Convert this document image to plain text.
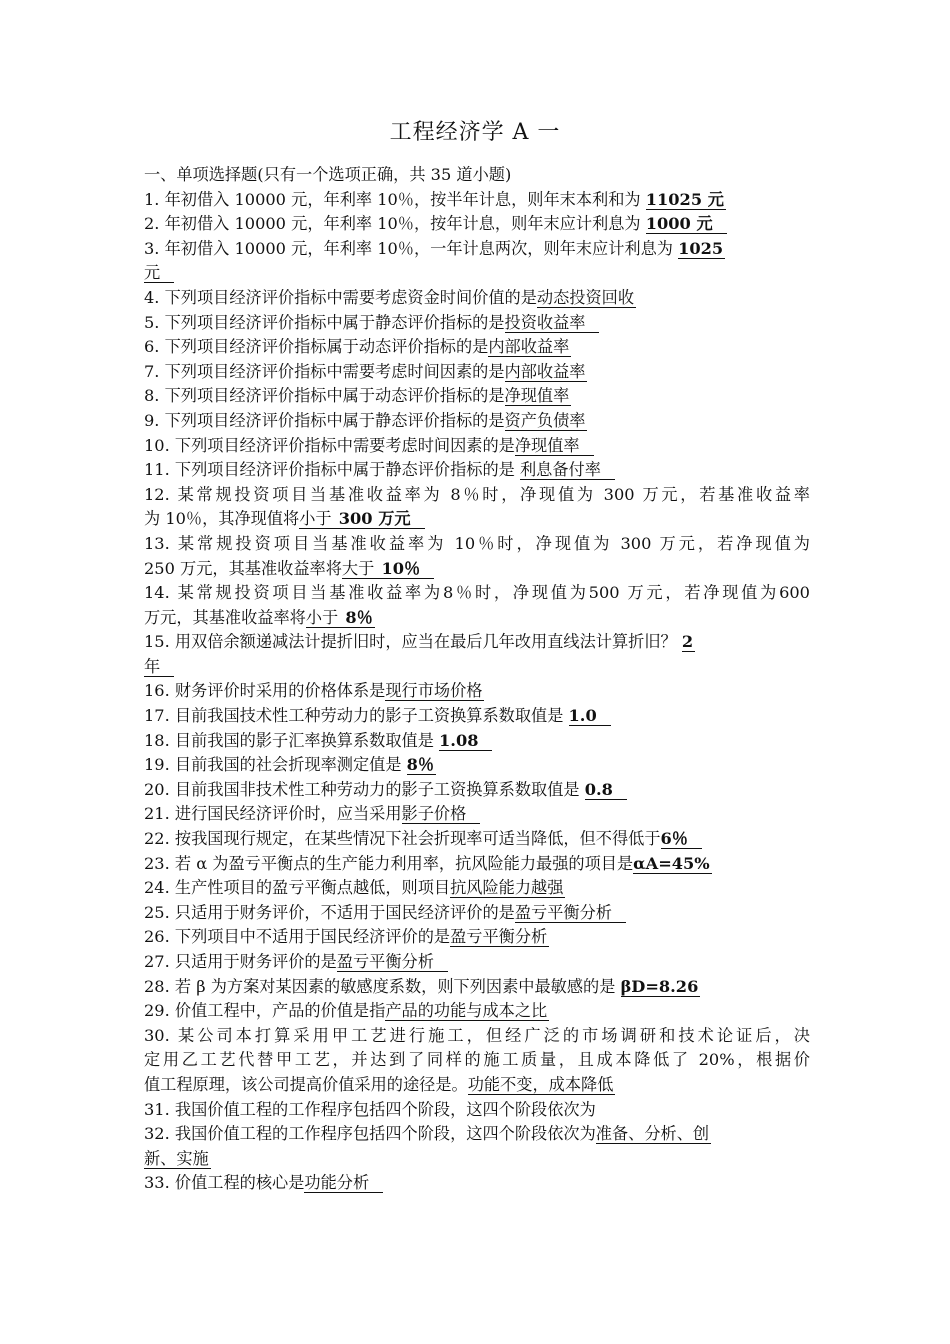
工程经济学 A 一
一、单项选择题(只有一个选项正确，共 35 道小题)
1. 年初借入 10000 元，年利率 10％，按半年计息，则年末本利和为 11025 元
2. 年初借入 10000 元，年利率 10％，按年计息，则年末应计利息为 1000 元
3. 年初借入 10000 元，年利率 10％，一年计息两次，则年末应计利息为 1025
元
4. 下列项目经济评价指标中需要考虑资金时间价值的是动态投资回收
5. 下列项目经济评价指标中属于静态评价指标的是投资收益率
6. 下列项目经济评价指标属于动态评价指标的是内部收益率
7. 下列项目经济评价指标中需要考虑时间因素的是内部收益率
8. 下列项目经济评价指标中属于动态评价指标的是净现值率
9. 下列项目经济评价指标中属于静态评价指标的是资产负债率
10. 下列项目经济评价指标中需要考虑时间因素的是净现值率
11. 下列项目经济评价指标中属于静态评价指标的是 利息备付率
12. 某常规投资项目当基准收益率为 8％时，净现值为 300 万元，若基准收益率
为 10％，其净现值将小于 300 万元
13. 某常规投资项目当基准收益率为 10％时，净现值为 300 万元，若净现值为
250 万元，其基准收益率将大于 10％
14. 某常规投资项目当基准收益率为8％时，净现值为500 万元，若净现值为600
万元，其基准收益率将小于 8％
15. 用双倍余额递减法计提折旧时，应当在最后几年改用直线法计算折旧？ 2
年
16. 财务评价时采用的价格体系是现行市场价格
17. 目前我国技术性工种劳动力的影子工资换算系数取值是 1.0
18. 目前我国的影子汇率换算系数取值是 1.08
19. 目前我国的社会折现率测定值是 8％
20. 目前我国非技术性工种劳动力的影子工资换算系数取值是 0.8
21. 进行国民经济评价时，应当采用影子价格
22. 按我国现行规定，在某些情况下社会折现率可适当降低，但不得低于6％
23. 若 α 为盈亏平衡点的生产能力利用率，抗风险能力最强的项目是αA=45%
24. 生产性项目的盈亏平衡点越低，则项目抗风险能力越强
25. 只适用于财务评价，不适用于国民经济评价的是盈亏平衡分析
26. 下列项目中不适用于国民经济评价的是盈亏平衡分析
27. 只适用于财务评价的是盈亏平衡分析
28. 若 β 为方案对某因素的敏感度系数，则下列因素中最敏感的是 βD=8.26
29. 价值工程中，产品的价值是指产品的功能与成本之比
30. 某公司本打算采用甲工艺进行施工，但经广泛的市场调研和技术论证后，决
定用乙工艺代替甲工艺，并达到了同样的施工质量，且成本降低了 20%，根据价
值工程原理，该公司提高价值采用的途径是。功能不变，成本降低
31. 我国价值工程的工作程序包括四个阶段，这四个阶段依次为
32. 我国价值工程的工作程序包括四个阶段，这四个阶段依次为准备、分析、创
新、实施
33. 价值工程的核心是功能分析
